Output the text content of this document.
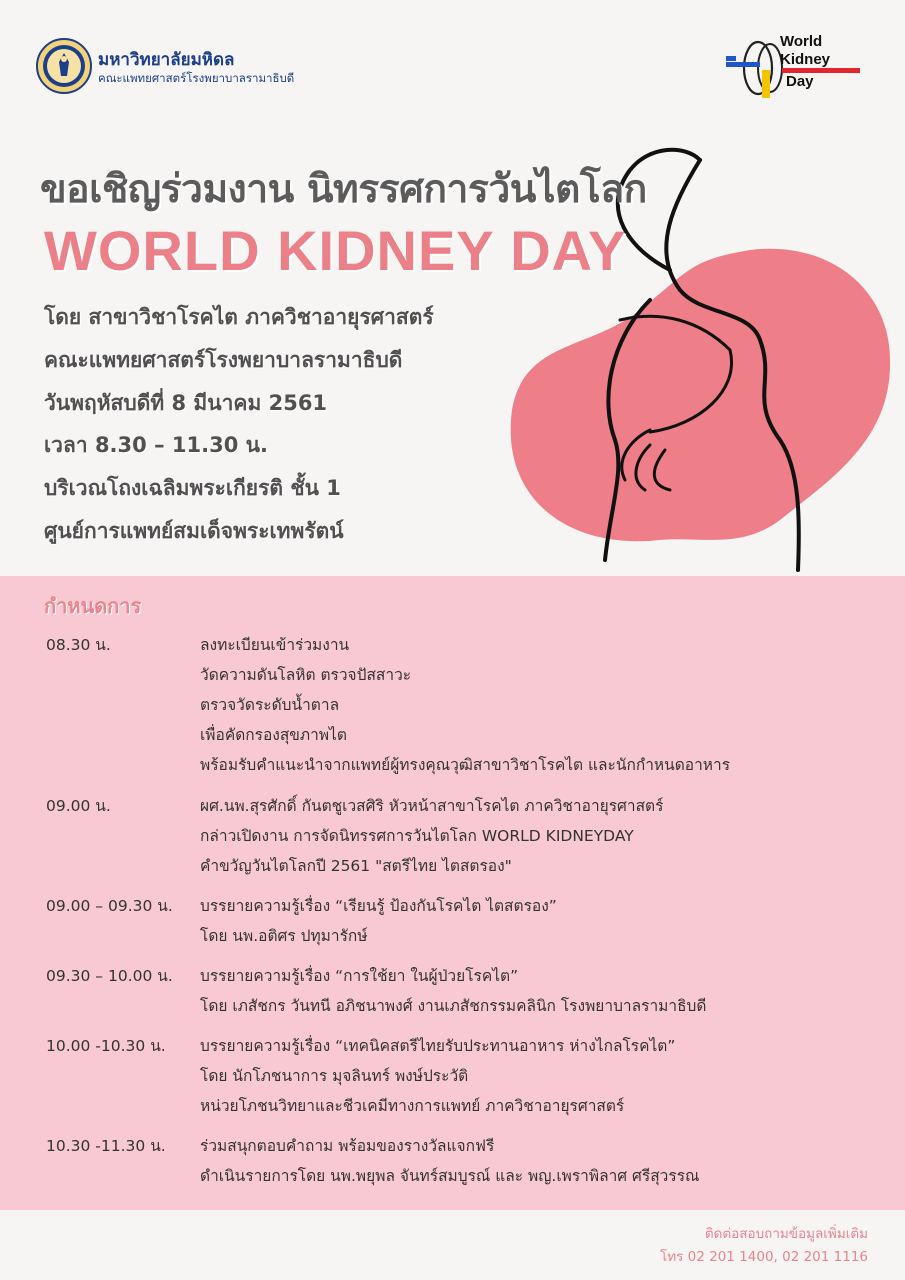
มหาวิทยาลัยมหิดล
คณะแพทยศาสตร์โรงพยาบาลรามาธิบดี
World
Kidney
Day
ขอเชิญร่วมงาน นิทรรศการวันไตโลก
WORLD KIDNEY DAY
โดย สาขาวิชาโรคไต ภาควิชาอายุรศาสตร์
คณะแพทยศาสตร์โรงพยาบาลรามาธิบดี
วันพฤหัสบดีที่ 8 มีนาคม 2561
เวลา 8.30 – 11.30 น.
บริเวณโถงเฉลิมพระเกียรติ ชั้น 1
ศูนย์การแพทย์สมเด็จพระเทพรัตน์
กำหนดการ
08.30 น.	ลงทะเบียนเข้าร่วมงาน
วัดความดันโลหิต ตรวจปัสสาวะ
ตรวจวัดระดับน้ำตาล
เพื่อคัดกรองสุขภาพไต
พร้อมรับคำแนะนำจากแพทย์ผู้ทรงคุณวุฒิสาขาวิชาโรคไต และนักกำหนดอาหาร
09.00 น.	ผศ.นพ.สุรศักดิ์ กันตชูเวสศิริ หัวหน้าสาขาโรคไต ภาควิชาอายุรศาสตร์
กล่าวเปิดงาน การจัดนิทรรศการวันไตโลก WORLD KIDNEYDAY
คำขวัญวันไตโลกปี 2561 "สตรีไทย ไตสตรอง"
09.00 – 09.30 น. บรรยายความรู้เรื่อง “เรียนรู้ ป้องกันโรคไต ไตสตรอง”
โดย นพ.อติศร ปทุมารักษ์
09.30 – 10.00 น. บรรยายความรู้เรื่อง “การใช้ยา ในผู้ป่วยโรคไต”
โดย เภสัชกร วันทนี อภิชนาพงศ์ งานเภสัชกรรมคลินิก โรงพยาบาลรามาธิบดี
10.00 -10.30 น. บรรยายความรู้เรื่อง “เทคนิคสตรีไทยรับประทานอาหาร ห่างไกลโรคไต”
โดย นักโภชนาการ มุจลินทร์ พงษ์ประวัติ
หน่วยโภชนวิทยาและชีวเคมีทางการแพทย์ ภาควิชาอายุรศาสตร์
10.30 -11.30 น. ร่วมสนุกตอบคำถาม พร้อมของรางวัลแจกฟรี
ดำเนินรายการโดย นพ.พยุพล จันทร์สมบูรณ์ และ พญ.เพราพิลาศ ศรีสุวรรณ
ติดต่อสอบถามข้อมูลเพิ่มเติม
โทร 02 201 1400, 02 201 1116
